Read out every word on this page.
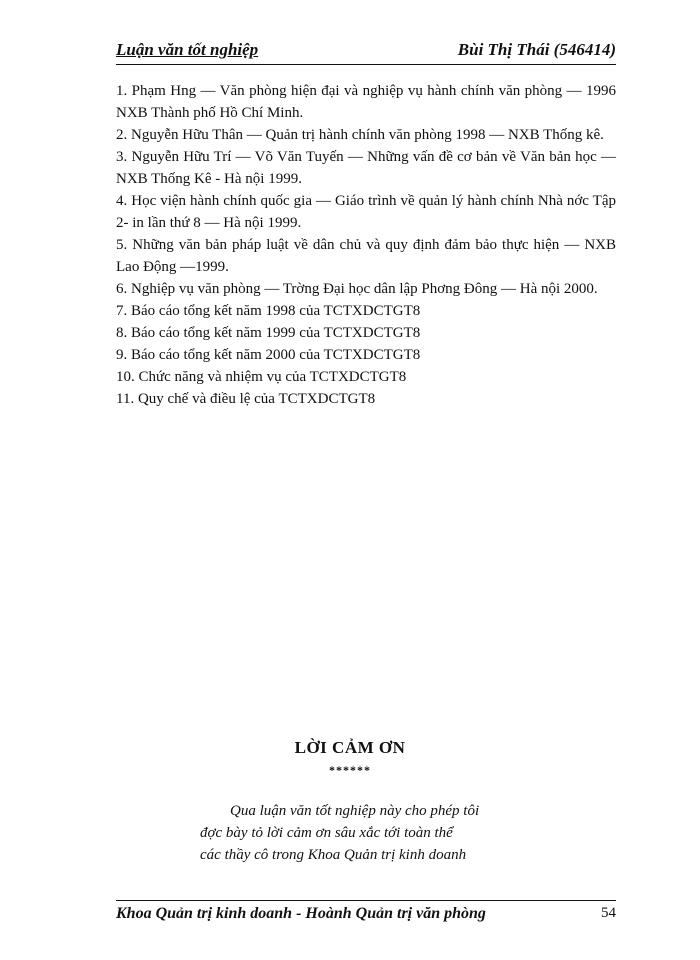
Luận văn tốt nghiệp	Bùi Thị Thái (546414)
1. Phạm Hng — Văn phòng hiện đại và nghiệp vụ hành chính văn phòng — 1996 NXB Thành phố Hồ Chí Minh.
2. Nguyễn Hữu Thân — Quản trị hành chính văn phòng 1998 — NXB Thống kê.
3. Nguyễn Hữu Trí — Võ Văn Tuyến — Những vấn đề cơ bản về Văn bản học — NXB Thống Kê - Hà nội 1999.
4. Học viện hành chính quốc gia — Giáo trình về quản lý hành chính Nhà nớc Tập 2- in lần thứ 8 — Hà nội 1999.
5. Những văn bản pháp luật về dân chủ và quy định đảm bảo thực hiện — NXB Lao Động —1999.
6. Nghiệp vụ văn phòng — Trờng Đại học dân lập Phơng Đông — Hà nội 2000.
7. Báo cáo tổng kết năm 1998 của TCTXDCTGT8
8. Báo cáo tổng kết năm 1999 của TCTXDCTGT8
9. Báo cáo tổng kết năm 2000 của TCTXDCTGT8
10. Chức năng và nhiệm vụ của TCTXDCTGT8
11. Quy chế và điều lệ của TCTXDCTGT8
LỜI CẢM ƠN
******
Qua luận văn tốt nghiệp này cho phép tôi
đợc bày tỏ lời cảm ơn sâu xắc tới toàn thể
các thầy cô trong Khoa Quản trị kinh doanh
Khoa Quản trị kinh doanh - Hoành Quản trị văn phòng	54
